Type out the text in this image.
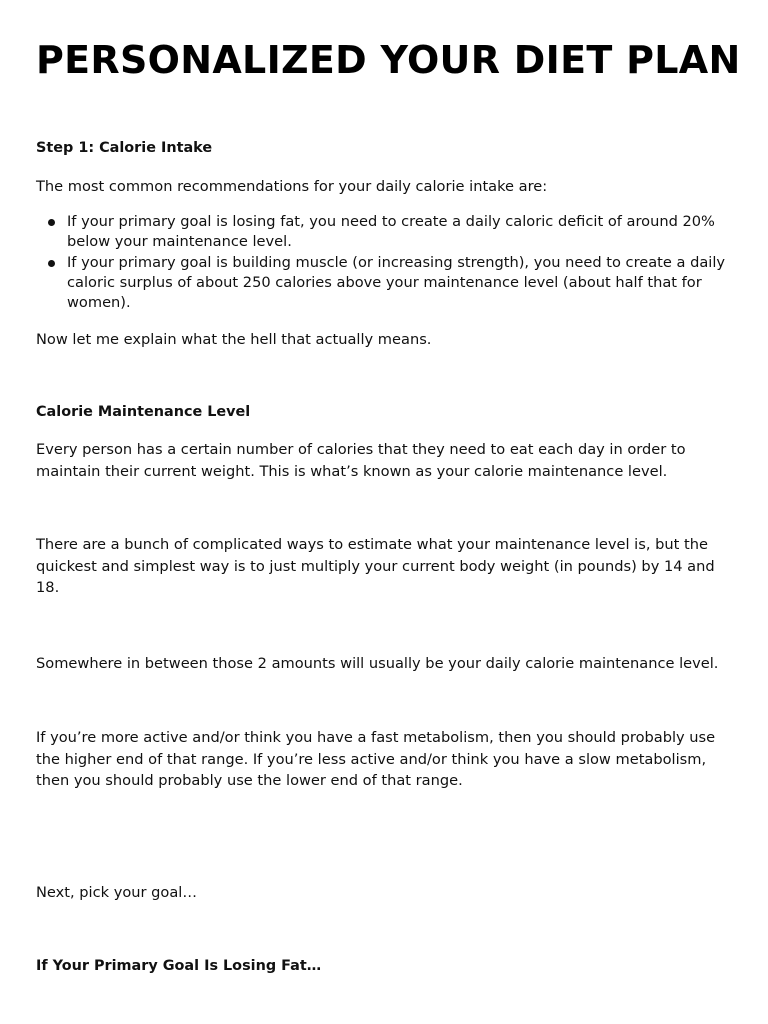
PERSONALIZED YOUR DIET PLAN

Step 1: Calorie Intake

The most common recommendations for your daily calorie intake are:

If your primary goal is losing fat, you need to create a daily caloric deficit of around 20% below your maintenance level.
If your primary goal is building muscle (or increasing strength), you need to create a daily caloric surplus of about 250 calories above your maintenance level (about half that for women).

Now let me explain what the hell that actually means.

Calorie Maintenance Level

Every person has a certain number of calories that they need to eat each day in order to maintain their current weight. This is what’s known as your calorie maintenance level.

There are a bunch of complicated ways to estimate what your maintenance level is, but the quickest and simplest way is to just multiply your current body weight (in pounds) by 14 and 18.

Somewhere in between those 2 amounts will usually be your daily calorie maintenance level.

If you’re more active and/or think you have a fast metabolism, then you should probably use the higher end of that range. If you’re less active and/or think you have a slow metabolism, then you should probably use the lower end of that range.

Next, pick your goal…

If Your Primary Goal Is Losing Fat…
